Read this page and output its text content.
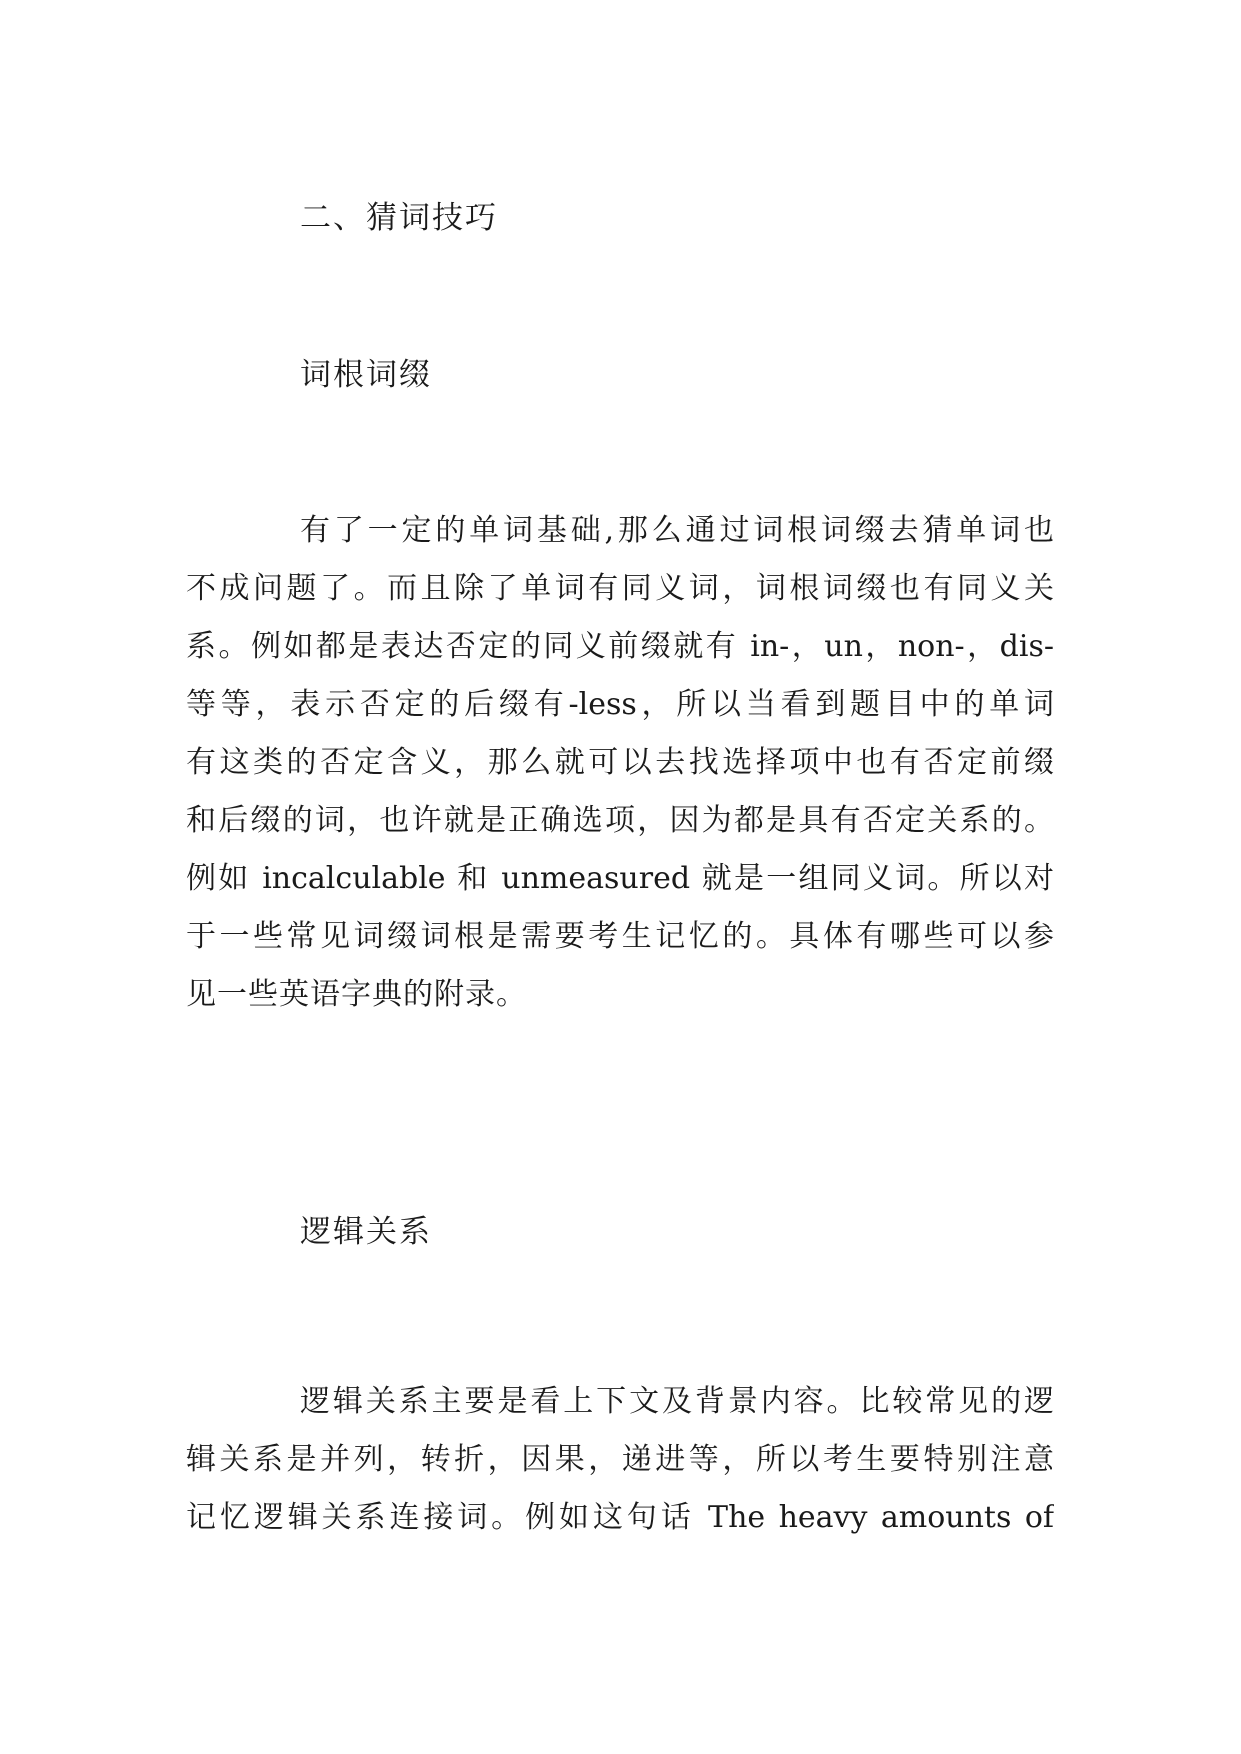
二、猜词技巧
词根词缀
有了一定的单词基础,那么通过词根词缀去猜单词也
不成问题了。而且除了单词有同义词，词根词缀也有同义关
系。例如都是表达否定的同义前缀就有 in-，un，non-，dis-
等等，表示否定的后缀有-less，所以当看到题目中的单词
有这类的否定含义，那么就可以去找选择项中也有否定前缀
和后缀的词，也许就是正确选项，因为都是具有否定关系的。
例如 incalculable 和 unmeasured 就是一组同义词。所以对
于一些常见词缀词根是需要考生记忆的。具体有哪些可以参
见一些英语字典的附录。
逻辑关系
逻辑关系主要是看上下文及背景内容。比较常见的逻
辑关系是并列，转折，因果，递进等，所以考生要特别注意
记忆逻辑关系连接词。例如这句话 The heavy amounts of
